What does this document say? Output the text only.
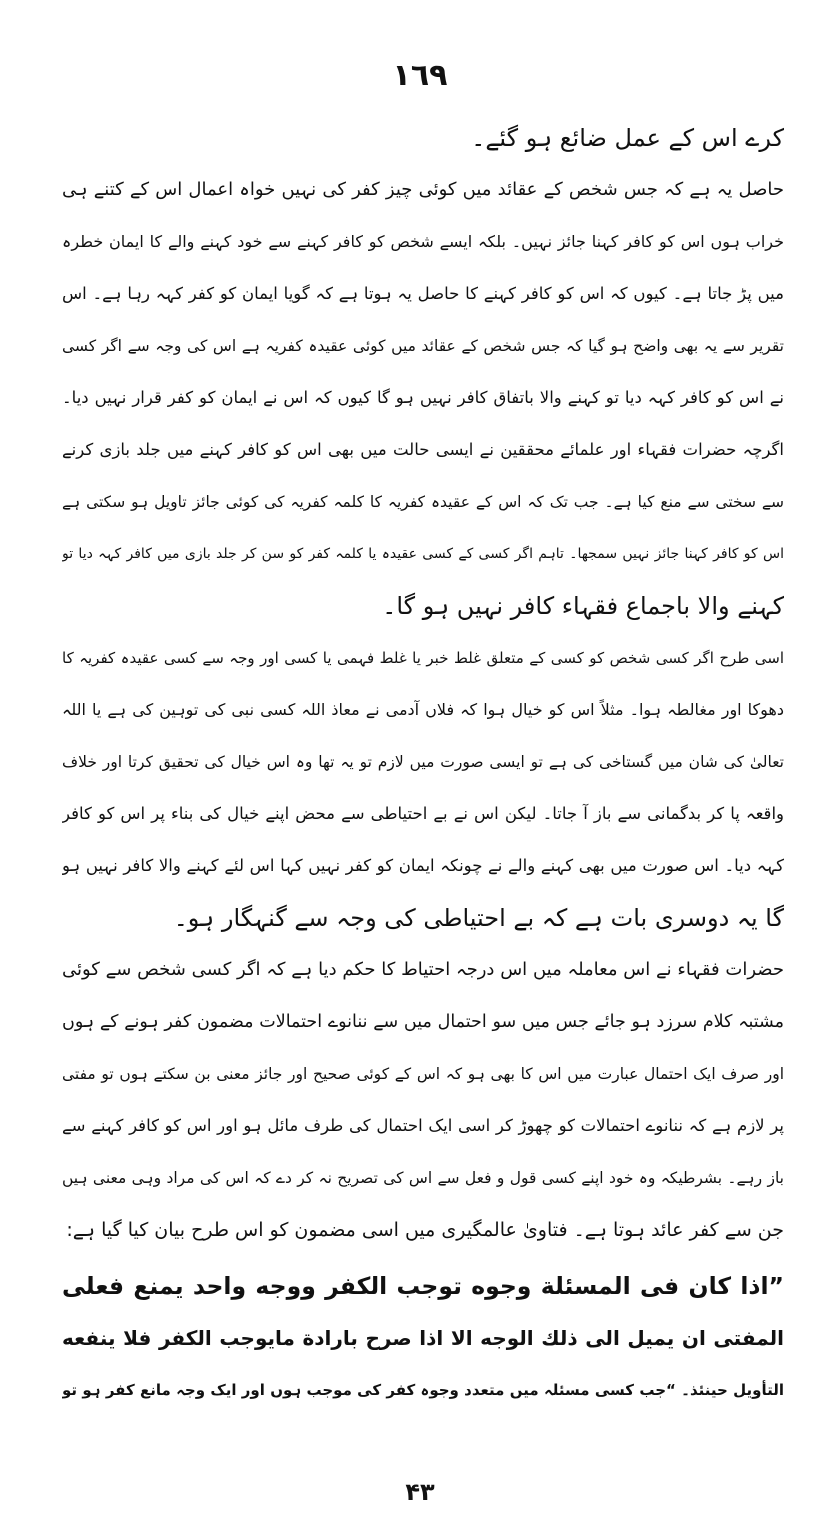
١٦٩
کرے اس کے عمل ضائع ہو گئے۔
حاصل یہ ہے کہ جس شخص کے عقائد میں کوئی چیز کفر کی نہیں خواہ اعمال اس کے کتنے ہی
خراب ہوں اس کو کافر کہنا جائز نہیں۔ بلکہ ایسے شخص کو کافر کہنے سے خود کہنے والے کا ایمان خطرہ
میں پڑ جاتا ہے۔ کیوں کہ اس کو کافر کہنے کا حاصل یہ ہوتا ہے کہ گویا ایمان کو کفر کہہ رہا ہے۔ اس
تقریر سے یہ بھی واضح ہو گیا کہ جس شخص کے عقائد میں کوئی عقیدہ کفریہ ہے اس کی وجہ سے اگر کسی
نے اس کو کافر کہہ دیا تو کہنے والا باتفاق کافر نہیں ہو گا کیوں کہ اس نے ایمان کو کفر قرار نہیں دیا۔
اگرچہ حضرات فقہاء اور علمائے محققین نے ایسی حالت میں بھی اس کو کافر کہنے میں جلد بازی کرنے
سے سختی سے منع کیا ہے۔ جب تک کہ اس کے عقیدہ کفریہ کا کلمہ کفریہ کی کوئی جائز تاویل ہو سکتی ہے
اس کو کافر کہنا جائز نہیں سمجھا۔ تاہم اگر کسی کے کسی عقیدہ یا کلمہ کفر کو سن کر جلد بازی میں کافر کہہ دیا تو
کہنے والا باجماع فقہاء کافر نہیں ہو گا۔
اسی طرح اگر کسی شخص کو کسی کے متعلق غلط خبر یا غلط فہمی یا کسی اور وجہ سے کسی عقیدہ کفریہ کا
دھوکا اور مغالطہ ہوا۔ مثلاً اس کو خیال ہوا کہ فلاں آدمی نے معاذ اللہ کسی نبی کی توہین کی ہے یا اللہ
تعالیٰ کی شان میں گستاخی کی ہے تو ایسی صورت میں لازم تو یہ تھا وہ اس خیال کی تحقیق کرتا اور خلاف
واقعہ پا کر بدگمانی سے باز آ جاتا۔ لیکن اس نے بے احتیاطی سے محض اپنے خیال کی بناء پر اس کو کافر
کہہ دیا۔ اس صورت میں بھی کہنے والے نے چونکہ ایمان کو کفر نہیں کہا اس لئے کہنے والا کافر نہیں ہو
گا یہ دوسری بات ہے کہ بے احتیاطی کی وجہ سے گنہگار ہو۔
حضرات فقہاء نے اس معاملہ میں اس درجہ احتیاط کا حکم دیا ہے کہ اگر کسی شخص سے کوئی
مشتبہ کلام سرزد ہو جائے جس میں سو احتمال میں سے ننانوے احتمالات مضمون کفر ہونے کے ہوں
اور صرف ایک احتمال عبارت میں اس کا بھی ہو کہ اس کے کوئی صحیح اور جائز معنی بن سکتے ہوں تو مفتی
پر لازم ہے کہ ننانوے احتمالات کو چھوڑ کر اسی ایک احتمال کی طرف مائل ہو اور اس کو کافر کہنے سے
باز رہے۔ بشرطیکہ وہ خود اپنے کسی قول و فعل سے اس کی تصریح نہ کر دے کہ اس کی مراد وہی معنی ہیں
جن سے کفر عائد ہوتا ہے۔ فتاویٰ عالمگیری میں اسی مضمون کو اس طرح بیان کیا گیا ہے:
”اذا کان فی المسئلة وجوه توجب الکفر ووجه واحد یمنع فعلی
المفتی ان یمیل الی ذلك الوجه الا اذا صرح بارادة مایوجب الکفر فلا ینفعه
التأویل حینئذ۔ “جب کسی مسئلہ میں متعدد وجوہ کفر کی موجب ہوں اور ایک وجہ مانع کفر ہو تو
۴۳
